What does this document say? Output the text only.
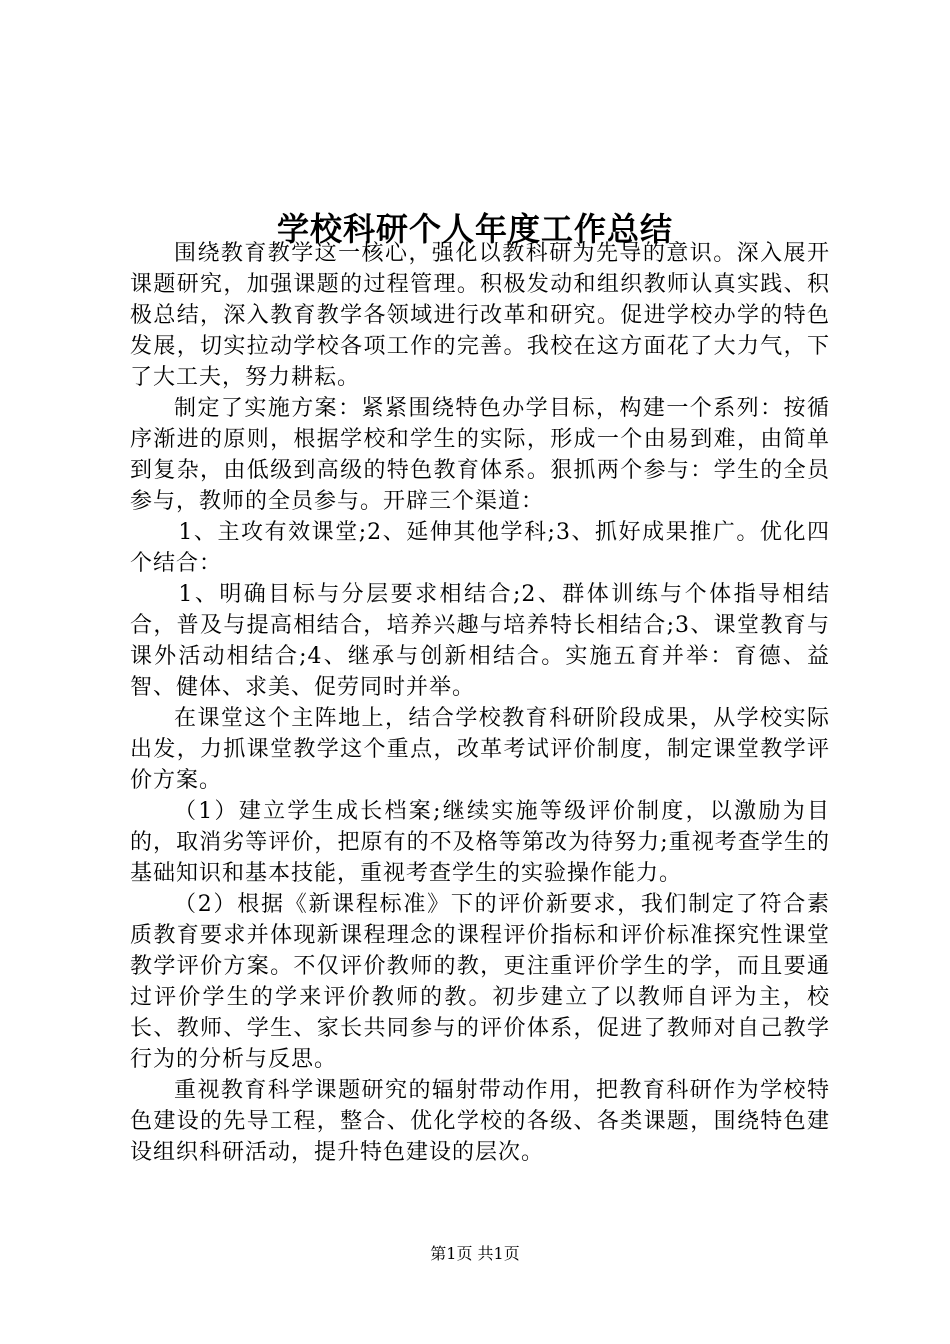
学校科研个人年度工作总结

围绕教育教学这一核心，强化以教科研为先导的意识。深入展开课题研究，加强课题的过程管理。积极发动和组织教师认真实践、积极总结，深入教育教学各领域进行改革和研究。促进学校办学的特色发展，切实拉动学校各项工作的完善。我校在这方面花了大力气，下了大工夫，努力耕耘。

制定了实施方案：紧紧围绕特色办学目标，构建一个系列：按循序渐进的原则，根据学校和学生的实际，形成一个由易到难，由简单到复杂，由低级到高级的特色教育体系。狠抓两个参与：学生的全员参与，教师的全员参与。开辟三个渠道：

1、主攻有效课堂;2、延伸其他学科;3、抓好成果推广。优化四个结合：

1、明确目标与分层要求相结合;2、群体训练与个体指导相结合，普及与提高相结合，培养兴趣与培养特长相结合;3、课堂教育与课外活动相结合;4、继承与创新相结合。实施五育并举：育德、益智、健体、求美、促劳同时并举。

在课堂这个主阵地上，结合学校教育科研阶段成果，从学校实际出发，力抓课堂教学这个重点，改革考试评价制度，制定课堂教学评价方案。

（1）建立学生成长档案;继续实施等级评价制度，以激励为目的，取消劣等评价，把原有的不及格等第改为待努力;重视考查学生的基础知识和基本技能，重视考查学生的实验操作能力。

（2）根据《新课程标准》下的评价新要求，我们制定了符合素质教育要求并体现新课程理念的课程评价指标和评价标准探究性课堂教学评价方案。不仅评价教师的教，更注重评价学生的学，而且要通过评价学生的学来评价教师的教。初步建立了以教师自评为主，校长、教师、学生、家长共同参与的评价体系，促进了教师对自己教学行为的分析与反思。

重视教育科学课题研究的辐射带动作用，把教育科研作为学校特色建设的先导工程，整合、优化学校的各级、各类课题，围绕特色建设组织科研活动，提升特色建设的层次。

第1页 共1页
